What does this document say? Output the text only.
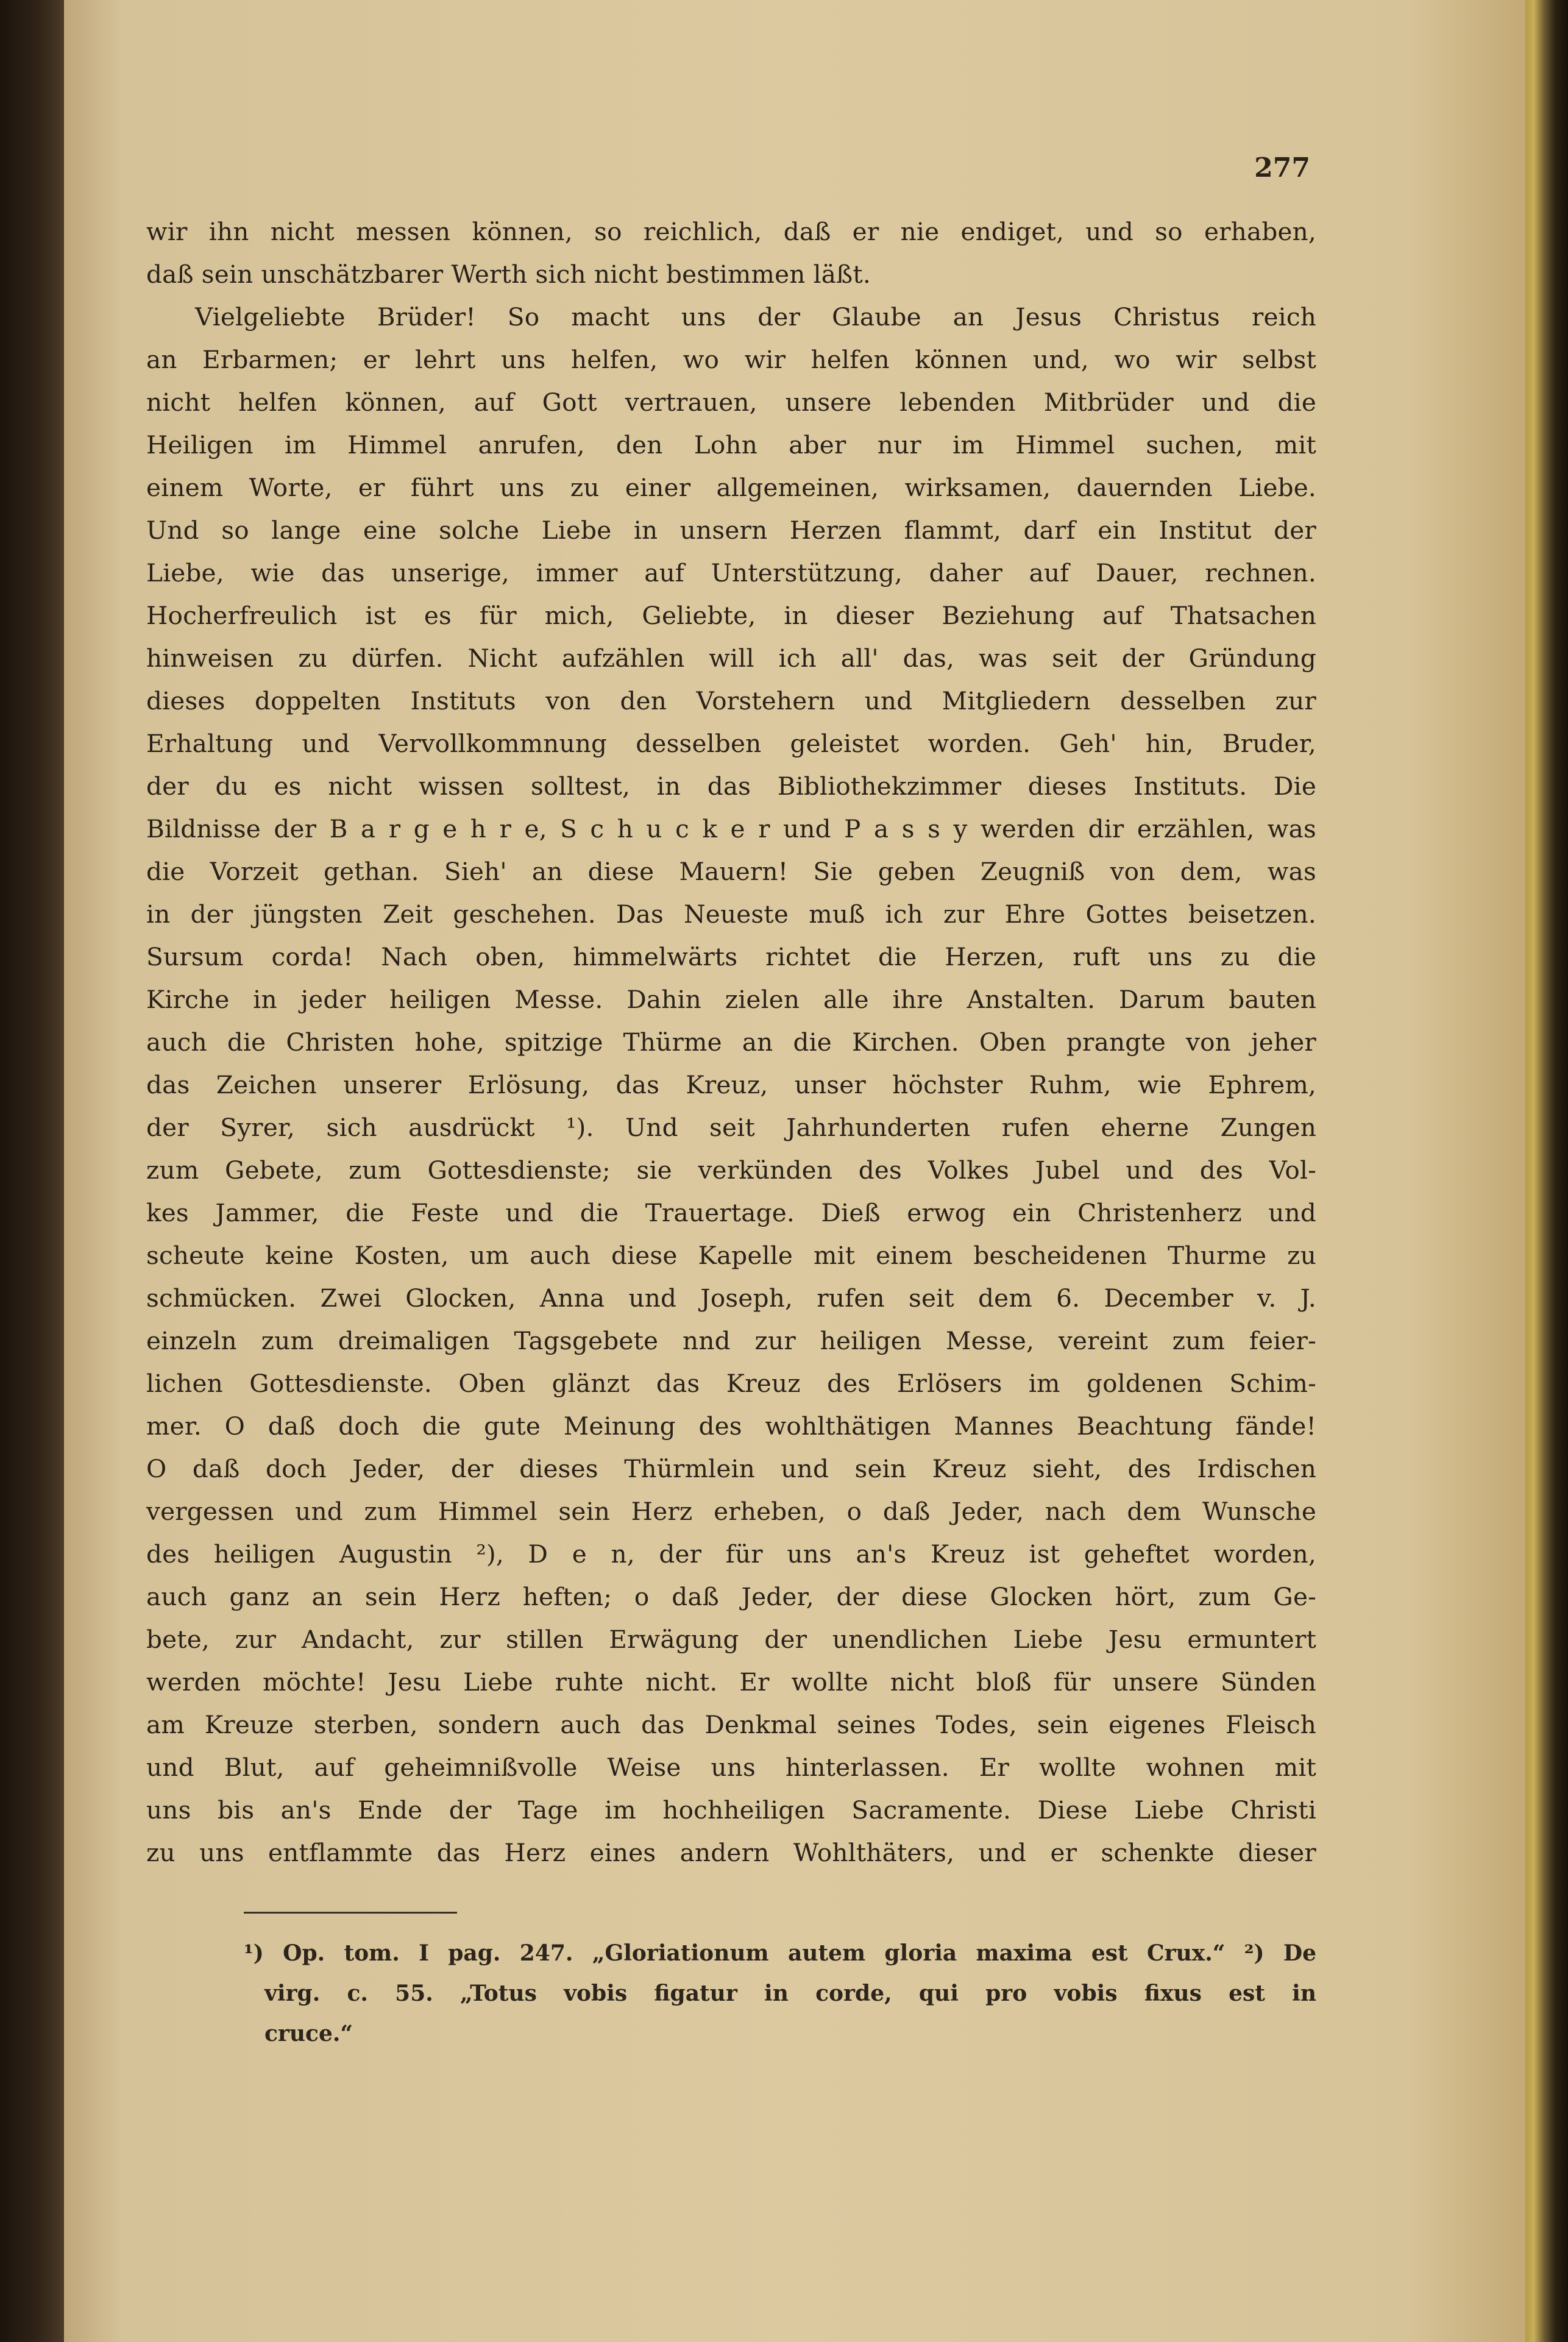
277
wir ihn nicht messen können, so reichlich, daß er nie endiget, und so erhaben,
daß sein unschätzbarer Werth sich nicht bestimmen läßt.
Vielgeliebte Brüder! So macht uns der Glaube an Jesus Christus reich
an Erbarmen; er lehrt uns helfen, wo wir helfen können und, wo wir selbst
nicht helfen können, auf Gott vertrauen, unsere lebenden Mitbrüder und die
Heiligen im Himmel anrufen, den Lohn aber nur im Himmel suchen, mit
einem Worte, er führt uns zu einer allgemeinen, wirksamen, dauernden Liebe.
Und so lange eine solche Liebe in unsern Herzen flammt, darf ein Institut der
Liebe, wie das unserige, immer auf Unterstützung, daher auf Dauer, rechnen.
Hocherfreulich ist es für mich, Geliebte, in dieser Beziehung auf Thatsachen
hinweisen zu dürfen. Nicht aufzählen will ich all' das, was seit der Gründung
dieses doppelten Instituts von den Vorstehern und Mitgliedern desselben zur
Erhaltung und Vervollkommnung desselben geleistet worden. Geh' hin, Bruder,
der du es nicht wissen solltest, in das Bibliothekzimmer dieses Instituts. Die
Bildnisse der B a r g e h r e, S c h u c k e r und P a s s y werden dir erzählen, was
die Vorzeit gethan. Sieh' an diese Mauern! Sie geben Zeugniß von dem, was
in der jüngsten Zeit geschehen. Das Neueste muß ich zur Ehre Gottes beisetzen.
Sursum corda! Nach oben, himmelwärts richtet die Herzen, ruft uns zu die
Kirche in jeder heiligen Messe. Dahin zielen alle ihre Anstalten. Darum bauten
auch die Christen hohe, spitzige Thürme an die Kirchen. Oben prangte von jeher
das Zeichen unserer Erlösung, das Kreuz, unser höchster Ruhm, wie Ephrem,
der Syrer, sich ausdrückt ¹). Und seit Jahrhunderten rufen eherne Zungen
zum Gebete, zum Gottesdienste; sie verkünden des Volkes Jubel und des Vol-
kes Jammer, die Feste und die Trauertage. Dieß erwog ein Christenherz und
scheute keine Kosten, um auch diese Kapelle mit einem bescheidenen Thurme zu
schmücken. Zwei Glocken, Anna und Joseph, rufen seit dem 6. December v. J.
einzeln zum dreimaligen Tagsgebete nnd zur heiligen Messe, vereint zum feier-
lichen Gottesdienste. Oben glänzt das Kreuz des Erlösers im goldenen Schim-
mer. O daß doch die gute Meinung des wohlthätigen Mannes Beachtung fände!
O daß doch Jeder, der dieses Thürmlein und sein Kreuz sieht, des Irdischen
vergessen und zum Himmel sein Herz erheben, o daß Jeder, nach dem Wunsche
des heiligen Augustin ²), D e n, der für uns an's Kreuz ist geheftet worden,
auch ganz an sein Herz heften; o daß Jeder, der diese Glocken hört, zum Ge-
bete, zur Andacht, zur stillen Erwägung der unendlichen Liebe Jesu ermuntert
werden möchte! Jesu Liebe ruhte nicht. Er wollte nicht bloß für unsere Sünden
am Kreuze sterben, sondern auch das Denkmal seines Todes, sein eigenes Fleisch
und Blut, auf geheimnißvolle Weise uns hinterlassen. Er wollte wohnen mit
uns bis an's Ende der Tage im hochheiligen Sacramente. Diese Liebe Christi
zu uns entflammte das Herz eines andern Wohlthäters, und er schenkte dieser
¹) Op. tom. I pag. 247. „Gloriationum autem gloria maxima est Crux.“ ²) De
virg. c. 55. „Totus vobis figatur in corde, qui pro vobis fixus est in
cruce.“
